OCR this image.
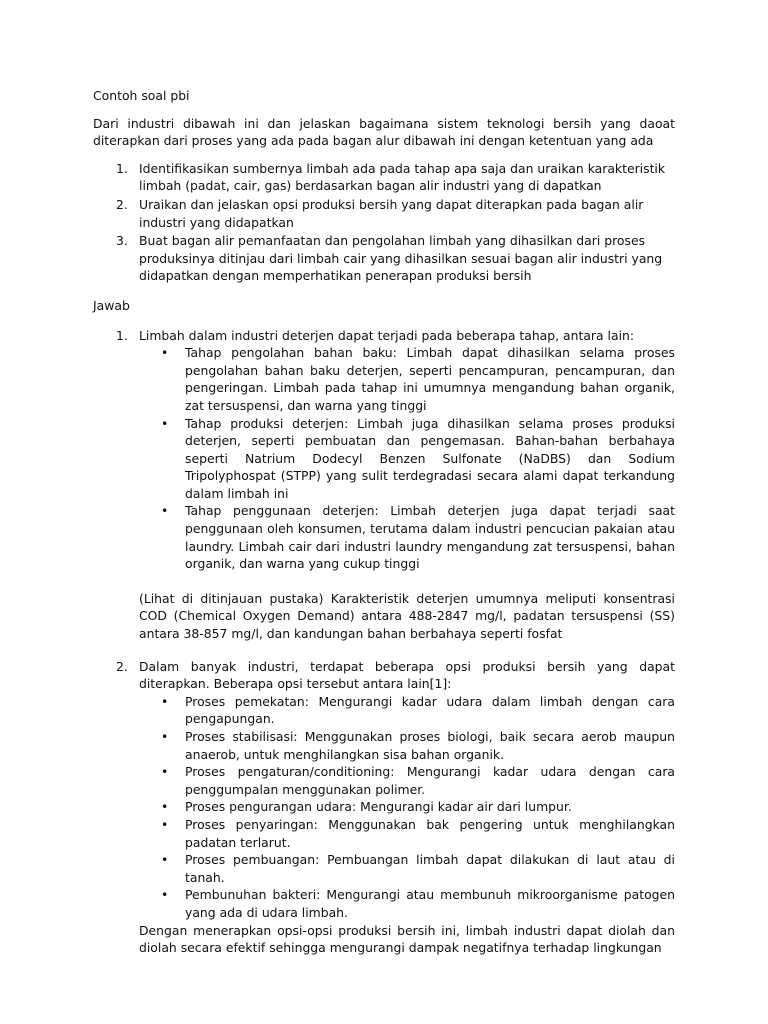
Contoh soal pbi

Dari industri dibawah ini dan jelaskan bagaimana sistem teknologi bersih yang daoat diterapkan dari proses yang ada pada bagan alur dibawah ini dengan ketentuan yang ada

1. Identifikasikan sumbernya limbah ada pada tahap apa saja dan uraikan karakteristik limbah (padat, cair, gas) berdasarkan bagan alir industri yang di dapatkan
2. Uraikan dan jelaskan opsi produksi bersih yang dapat diterapkan pada bagan alir industri yang didapatkan
3. Buat bagan alir pemanfaatan dan pengolahan limbah yang dihasilkan dari proses produksinya ditinjau dari limbah cair yang dihasilkan sesuai bagan alir industri yang didapatkan dengan memperhatikan penerapan produksi bersih

Jawab

1. Limbah dalam industri deterjen dapat terjadi pada beberapa tahap, antara lain:

• Tahap pengolahan bahan baku: Limbah dapat dihasilkan selama proses pengolahan bahan baku deterjen, seperti pencampuran, pencampuran, dan pengeringan. Limbah pada tahap ini umumnya mengandung bahan organik, zat tersuspensi, dan warna yang tinggi
• Tahap produksi deterjen: Limbah juga dihasilkan selama proses produksi deterjen, seperti pembuatan dan pengemasan. Bahan-bahan berbahaya seperti Natrium Dodecyl Benzen Sulfonate (NaDBS) dan Sodium Tripolyphospat (STPP) yang sulit terdegradasi secara alami dapat terkandung dalam limbah ini
• Tahap penggunaan deterjen: Limbah deterjen juga dapat terjadi saat penggunaan oleh konsumen, terutama dalam industri pencucian pakaian atau laundry. Limbah cair dari industri laundry mengandung zat tersuspensi, bahan organik, dan warna yang cukup tinggi

(Lihat di ditinjauan pustaka) Karakteristik deterjen umumnya meliputi konsentrasi COD (Chemical Oxygen Demand) antara 488-2847 mg/l, padatan tersuspensi (SS) antara 38-857 mg/l, dan kandungan bahan berbahaya seperti fosfat

2. Dalam banyak industri, terdapat beberapa opsi produksi bersih yang dapat diterapkan. Beberapa opsi tersebut antara lain[1]:

• Proses pemekatan: Mengurangi kadar udara dalam limbah dengan cara pengapungan.
• Proses stabilisasi: Menggunakan proses biologi, baik secara aerob maupun anaerob, untuk menghilangkan sisa bahan organik.
• Proses pengaturan/conditioning: Mengurangi kadar udara dengan cara penggumpalan menggunakan polimer.
• Proses pengurangan udara: Mengurangi kadar air dari lumpur.
• Proses penyaringan: Menggunakan bak pengering untuk menghilangkan padatan terlarut.
• Proses pembuangan: Pembuangan limbah dapat dilakukan di laut atau di tanah.
• Pembunuhan bakteri: Mengurangi atau membunuh mikroorganisme patogen yang ada di udara limbah.

Dengan menerapkan opsi-opsi produksi bersih ini, limbah industri dapat diolah dan diolah secara efektif sehingga mengurangi dampak negatifnya terhadap lingkungan
